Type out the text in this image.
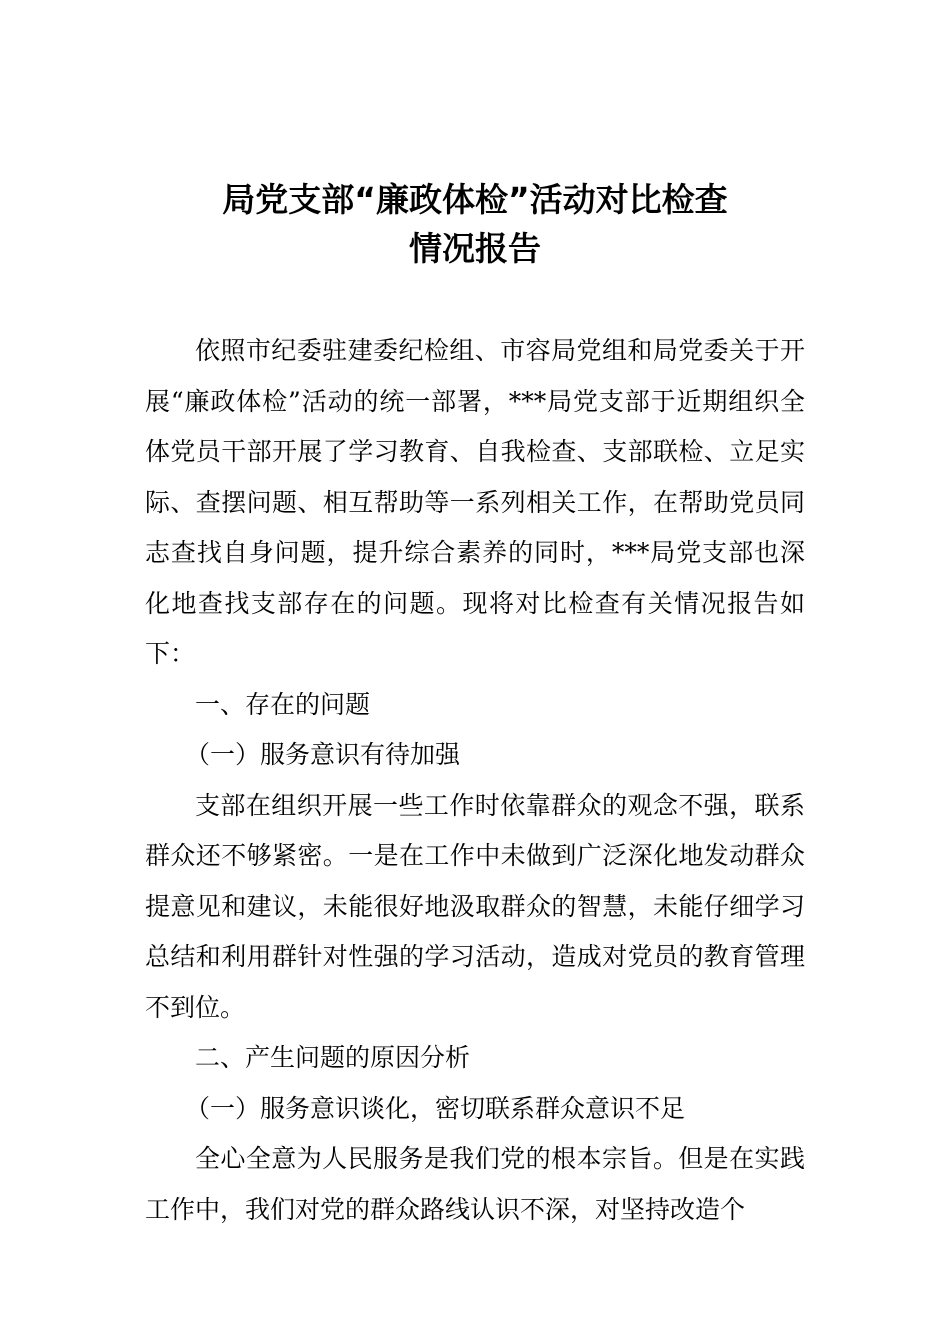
局党支部“廉政体检”活动对比检查
情况报告

依照市纪委驻建委纪检组、市容局党组和局党委关于开展“廉政体检”活动的统一部署，***局党支部于近期组织全体党员干部开展了学习教育、自我检查、支部联检、立足实际、查摆问题、相互帮助等一系列相关工作，在帮助党员同志查找自身问题，提升综合素养的同时，***局党支部也深化地查找支部存在的问题。现将对比检查有关情况报告如下：

一、存在的问题

（一）服务意识有待加强

支部在组织开展一些工作时依靠群众的观念不强，联系群众还不够紧密。一是在工作中未做到广泛深化地发动群众提意见和建议，未能很好地汲取群众的智慧，未能仔细学习总结和利用群针对性强的学习活动，造成对党员的教育管理不到位。

二、产生问题的原因分析

（一）服务意识谈化，密切联系群众意识不足

全心全意为人民服务是我们党的根本宗旨。但是在实践工作中，我们对党的群众路线认识不深，对坚持改造个
